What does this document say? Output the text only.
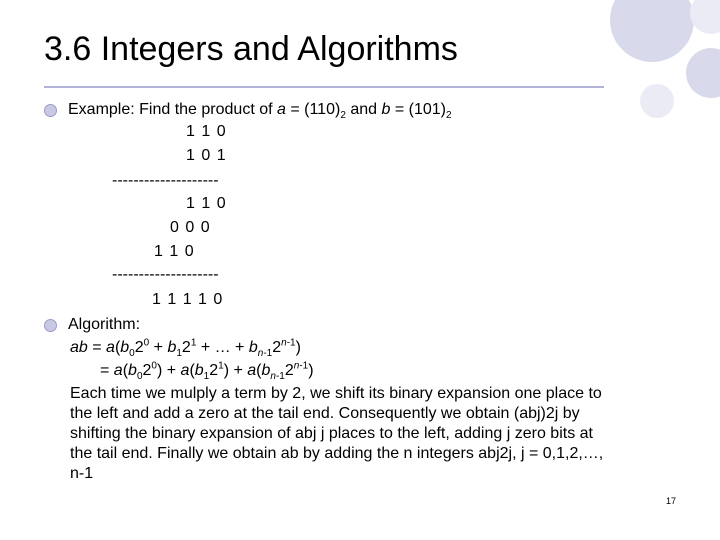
3.6 Integers and Algorithms
Example: Find the product of $a = (110)_2$ and $b = (101)_2$
1 1 0
1 0 1
--------------------
1 1 0
0 0 0
1 1 0
--------------------
1 1 1 1 0
Algorithm:
ab = $a(b_02^0 + b_12^1$ + … + $b_{n-1}2^{n-1}$)
= $a(b_02^0) + a(b_12^1) + a(b_{n-1}2^{n-1})$
Each time we mulply a term by 2, we shift its binary expansion one place to
the left and add a zero at the tail end. Consequently we obtain (abj)2j by
shifting the binary expansion of abj j places to the left, adding j zero bits at
the tail end. Finally we obtain ab by adding the n integers abj2j, j = 0,1,2,…,
n-1
17
